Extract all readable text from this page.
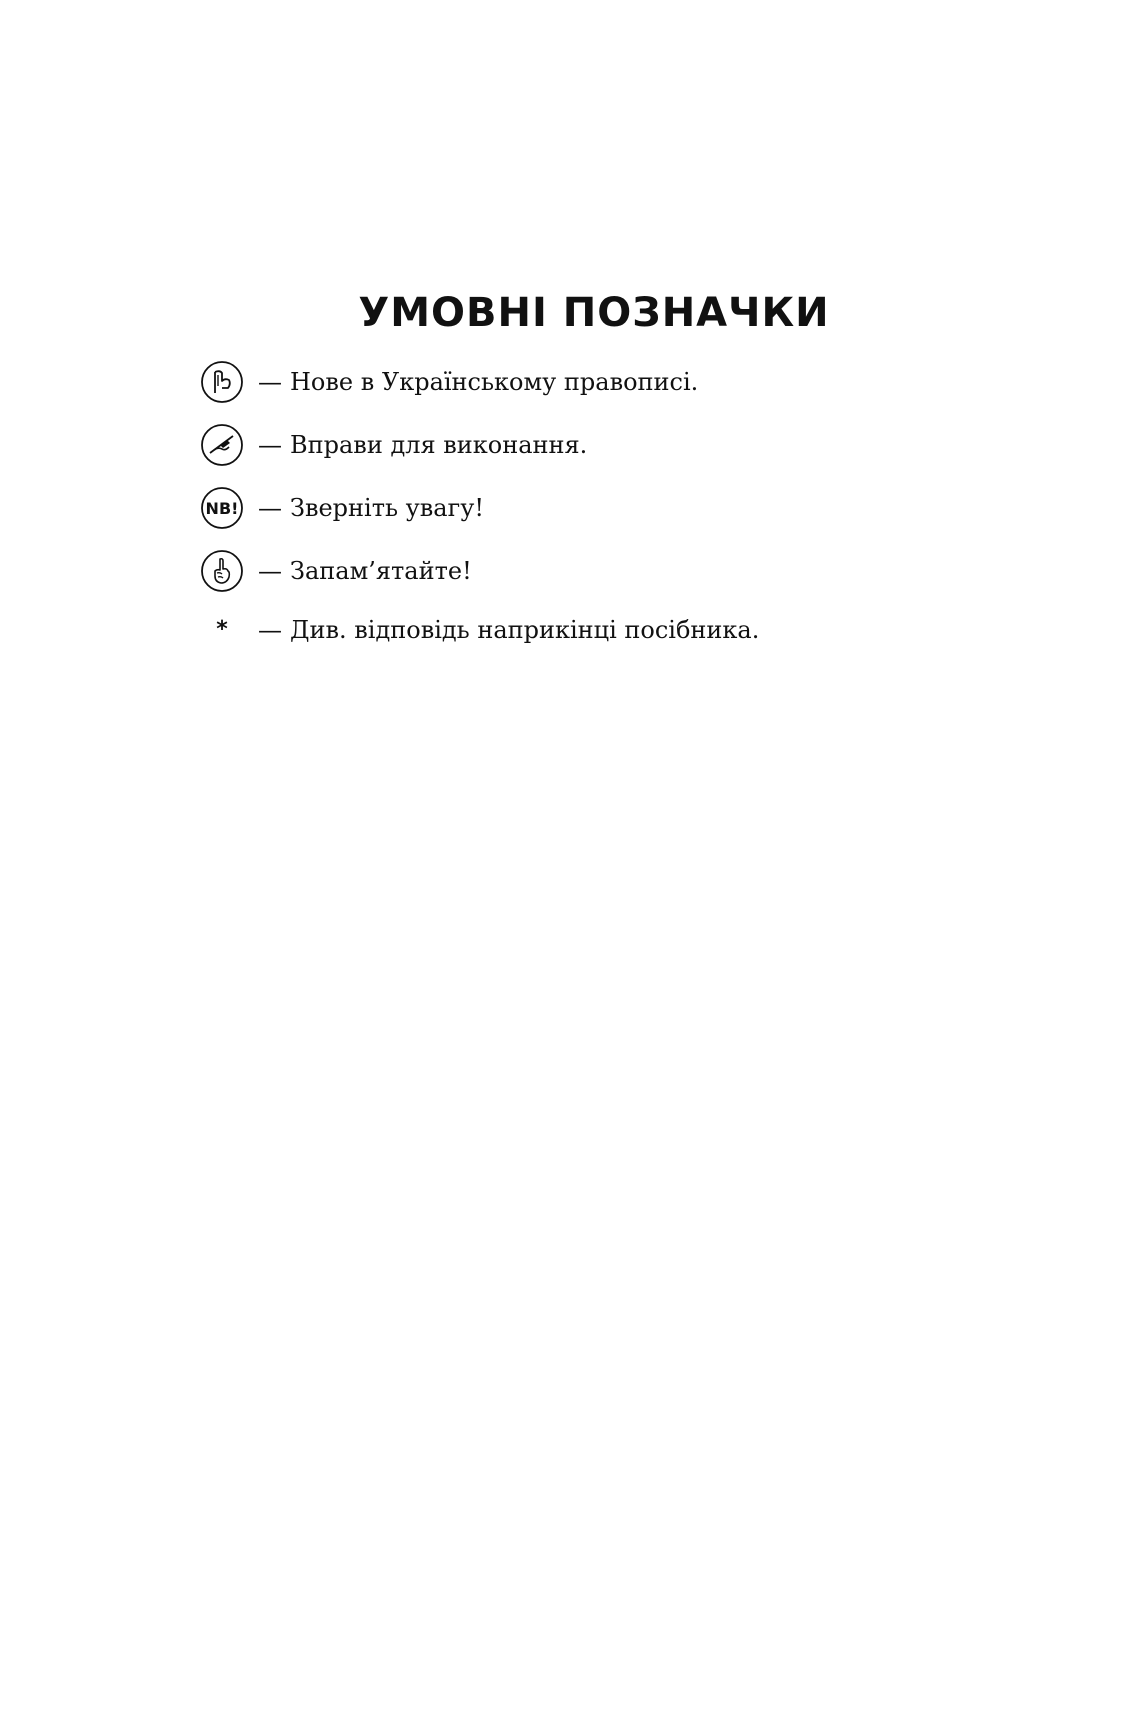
УМОВНІ ПОЗНАЧКИ
— Нове в Українському правописі.
— Вправи для виконання.
NB! — Зверніть увагу!
— Запам’ятайте!
*	— Див. відповідь наприкінці посібника.
